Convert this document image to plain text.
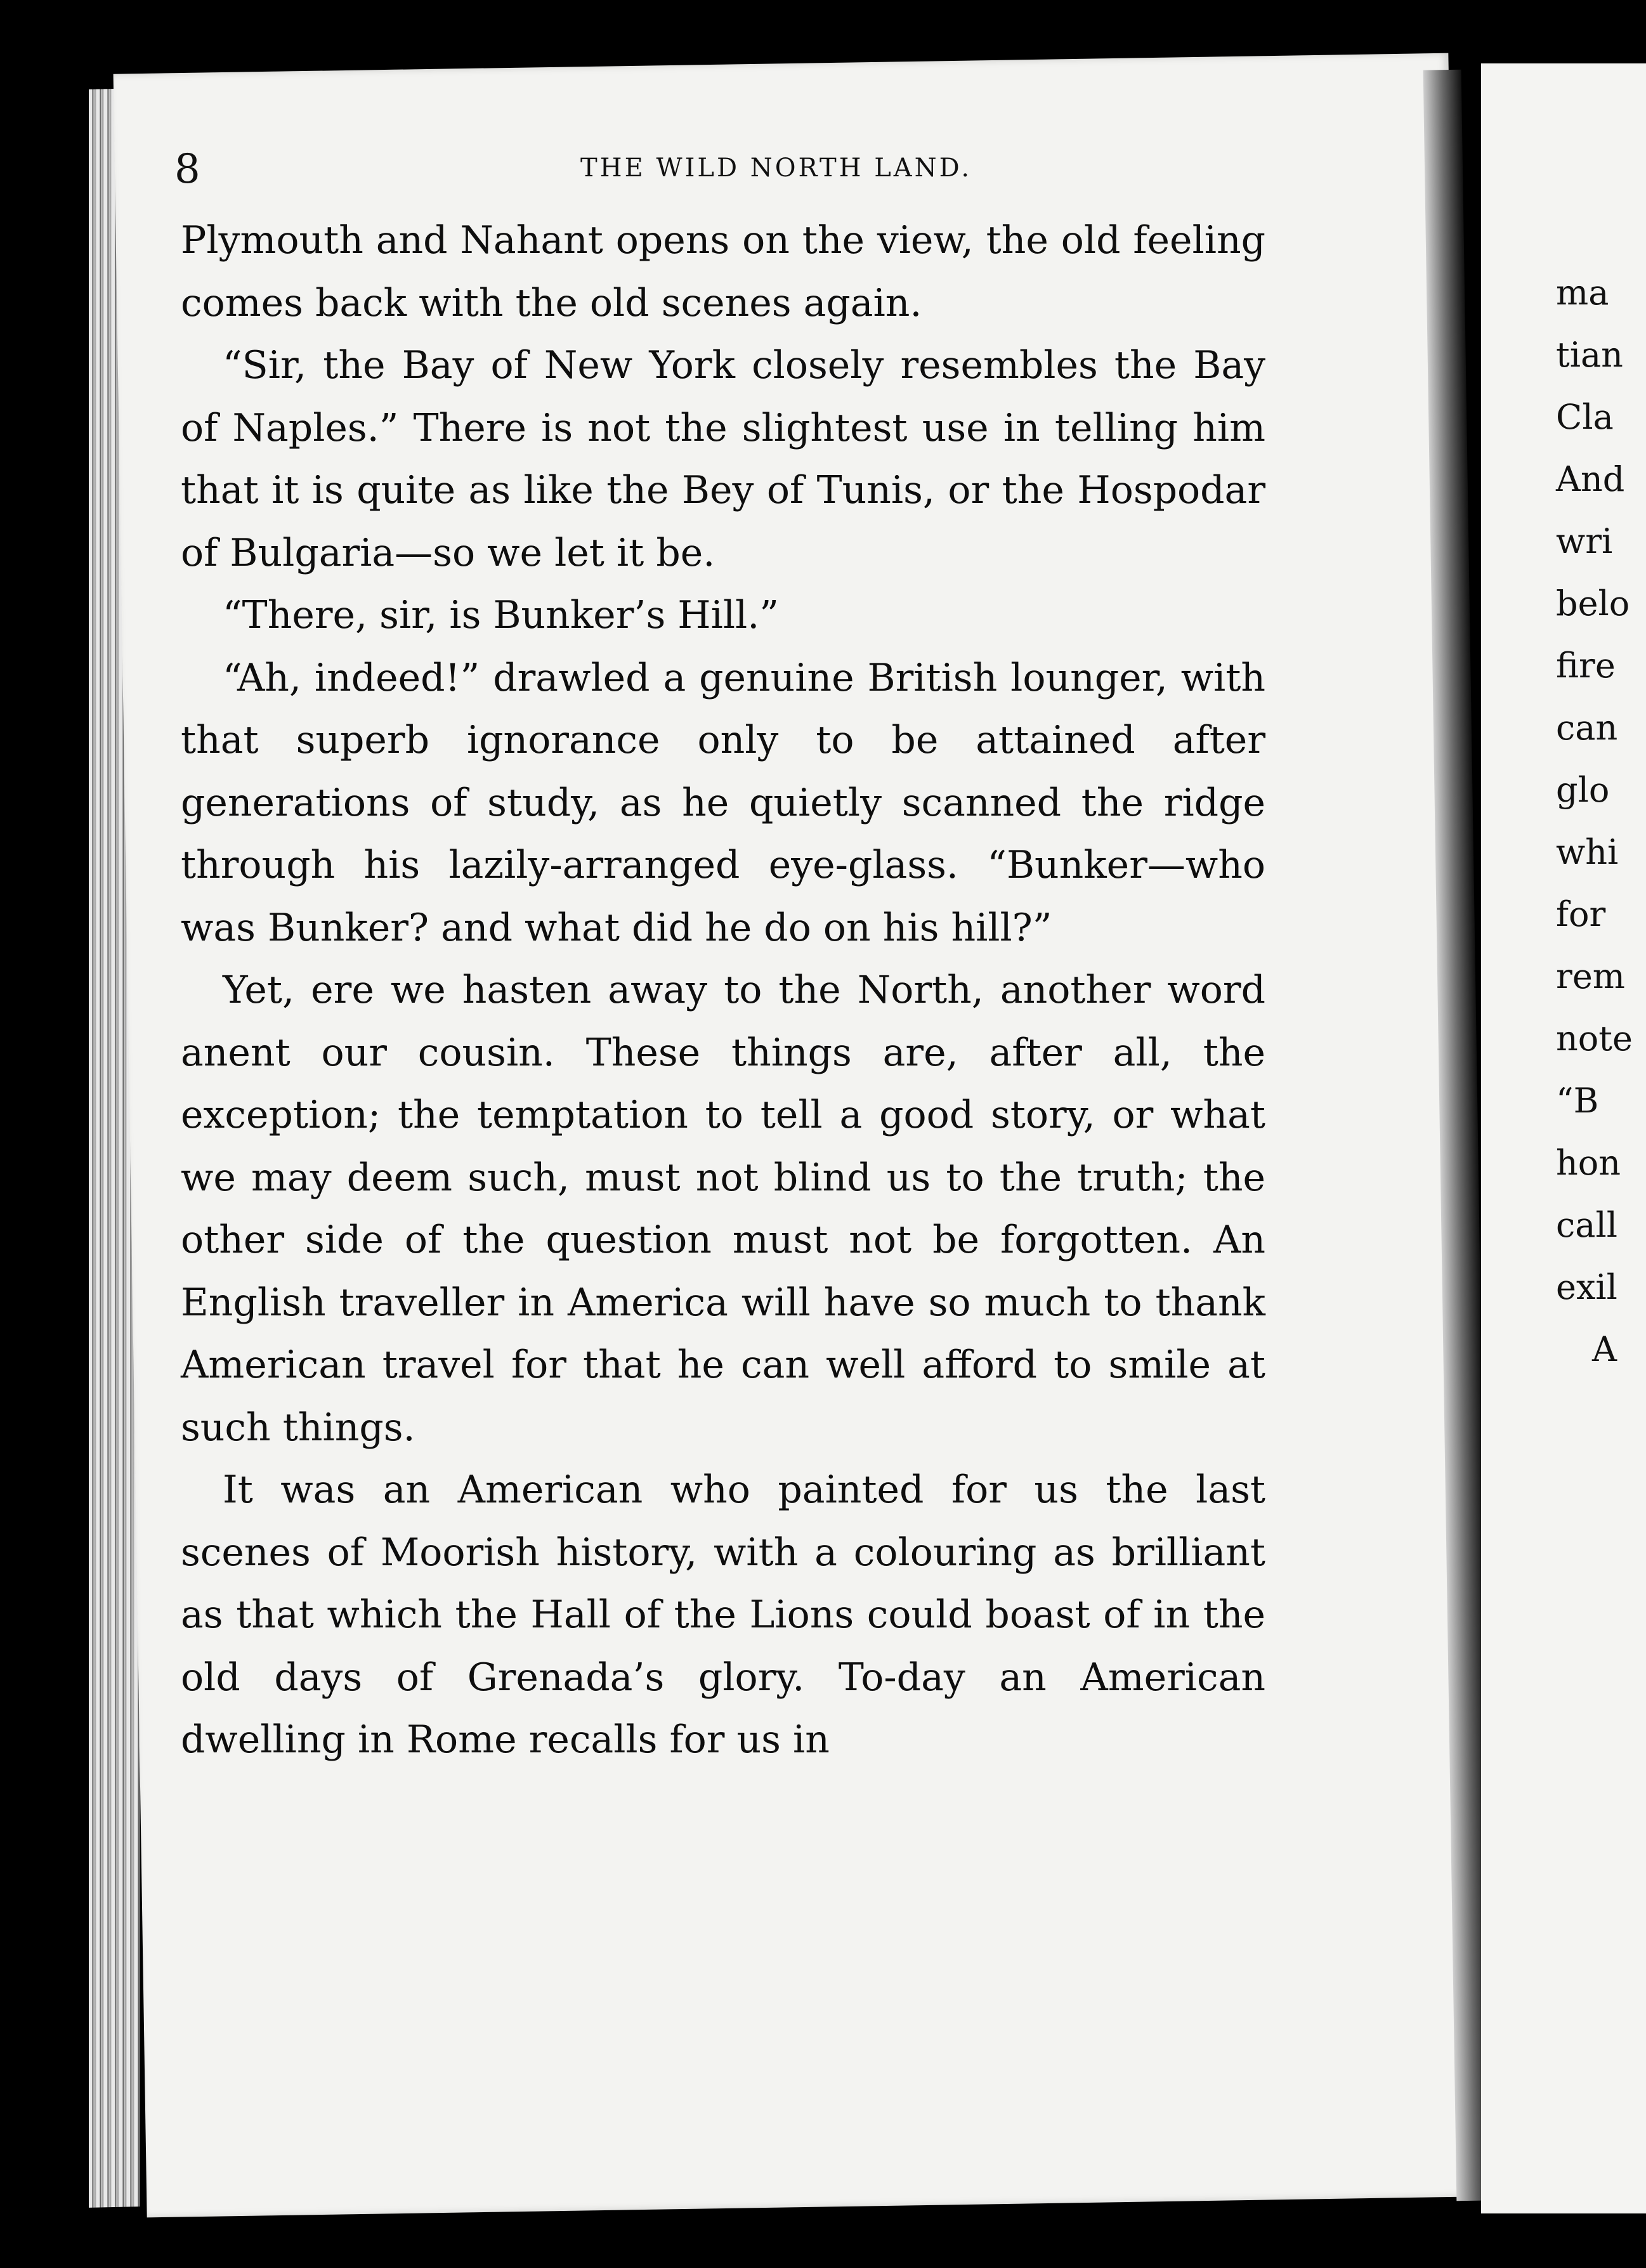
ma
tian
Cla
And
wri
belo
fire
can
glo
whi
for
rem
note
“B
hon
call
exil
A
8	THE WILD NORTH LAND.

Plymouth and Nahant opens on the view, the old feeling comes back with the old scenes again.

“Sir, the Bay of New York closely resembles the Bay of Naples.” There is not the slightest use in telling him that it is quite as like the Bey of Tunis, or the Hospodar of Bulgaria—so we let it be.

“There, sir, is Bunker’s Hill.”

“Ah, indeed!” drawled a genuine British lounger, with that superb ignorance only to be attained after generations of study, as he quietly scanned the ridge through his lazily-arranged eye-glass. “Bunker—who was Bunker? and what did he do on his hill?”

Yet, ere we hasten away to the North, another word anent our cousin. These things are, after all, the exception; the temptation to tell a good story, or what we may deem such, must not blind us to the truth; the other side of the question must not be forgotten. An English traveller in America will have so much to thank American travel for that he can well afford to smile at such things.

It was an American who painted for us the last scenes of Moorish history, with a colouring as brilliant as that which the Hall of the Lions could boast of in the old days of Grenada’s glory. To-day an American dwelling in Rome recalls for us in
